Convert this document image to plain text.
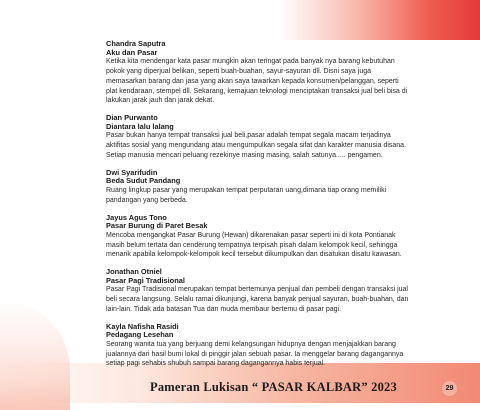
Chandra Saputra
Aku dan Pasar
Ketika kita mendengar kata pasar mungkin akan teringat pada banyak nya barang kebutuhan
pokok yang diperjual belikan, seperti buah-buahan, sayur-sayuran dll. Disni saya juga
memasarkan barang dan jasa yang akan saya tawarkan kepada konsumen/pelanggan, seperti
plat kendaraan, stempel dll. Sekarang, kemajuan teknologi menciptakan transaksi jual beli bisa di
lakukan jarak jauh dan jarak dekat.
Dian Purwanto
Diantara lalu lalang
Pasar bukan hanya tempat transaksi jual beli,pasar adalah tempat segala macam terjadinya
aktifitas sosial yang mengundang atau mengumpulkan segala sifat dan karakter manusia disana.
Setiap manusia mencari peluang rezekinye masing masing, salah satunya..... pengamen.
Dwi Syarifudin
Beda Sudut Pandang
Ruang lingkup pasar yang merupakan tempat perputaran uang,dimana tiap orang memiliki
pandangan yang berbeda.
Jayus Agus Tono
Pasar Burung di Paret Besak
Mencoba mengangkat Pasar Burung (Hewan) dikarenakan pasar seperti ini di kota Pontianak
masih belum tertata dan cenderung tempatnya terpisah pisah dalam kelompok kecil, sehingga
menarik apabila kelompok-kelompok kecil tersebut dikumpulkan dan disatukan disatu kawasan.
Jonathan Otniel
Pasar Pagi Tradisional
Pasar Pagi Tradisional merupakan tempat bertemunya penjual dan pembeli dengan transaksi jual
beli secara langsung. Selalu ramai dikunjungi, karena banyak penjual sayuran, buah-buahan, dan
lain-lain. Tidak ada batasan Tua dan muda membaur bertemu di pasar pagi.
Kayla Nafisha Rasidi
Pedagang Lesehan
Seorang wanita tua yang berjuang demi kelangsungan hidupnya dengan menjajakkan barang
jualannya dari hasil bumi lokal di pinggir jalan sebuah pasar. Ia menggelar barang dagangannya
setiap pagi sehabis shubuh sampai barang dagangannya habis terjual.
Pameran Lukisan “ PASAR KALBAR” 2023	29
